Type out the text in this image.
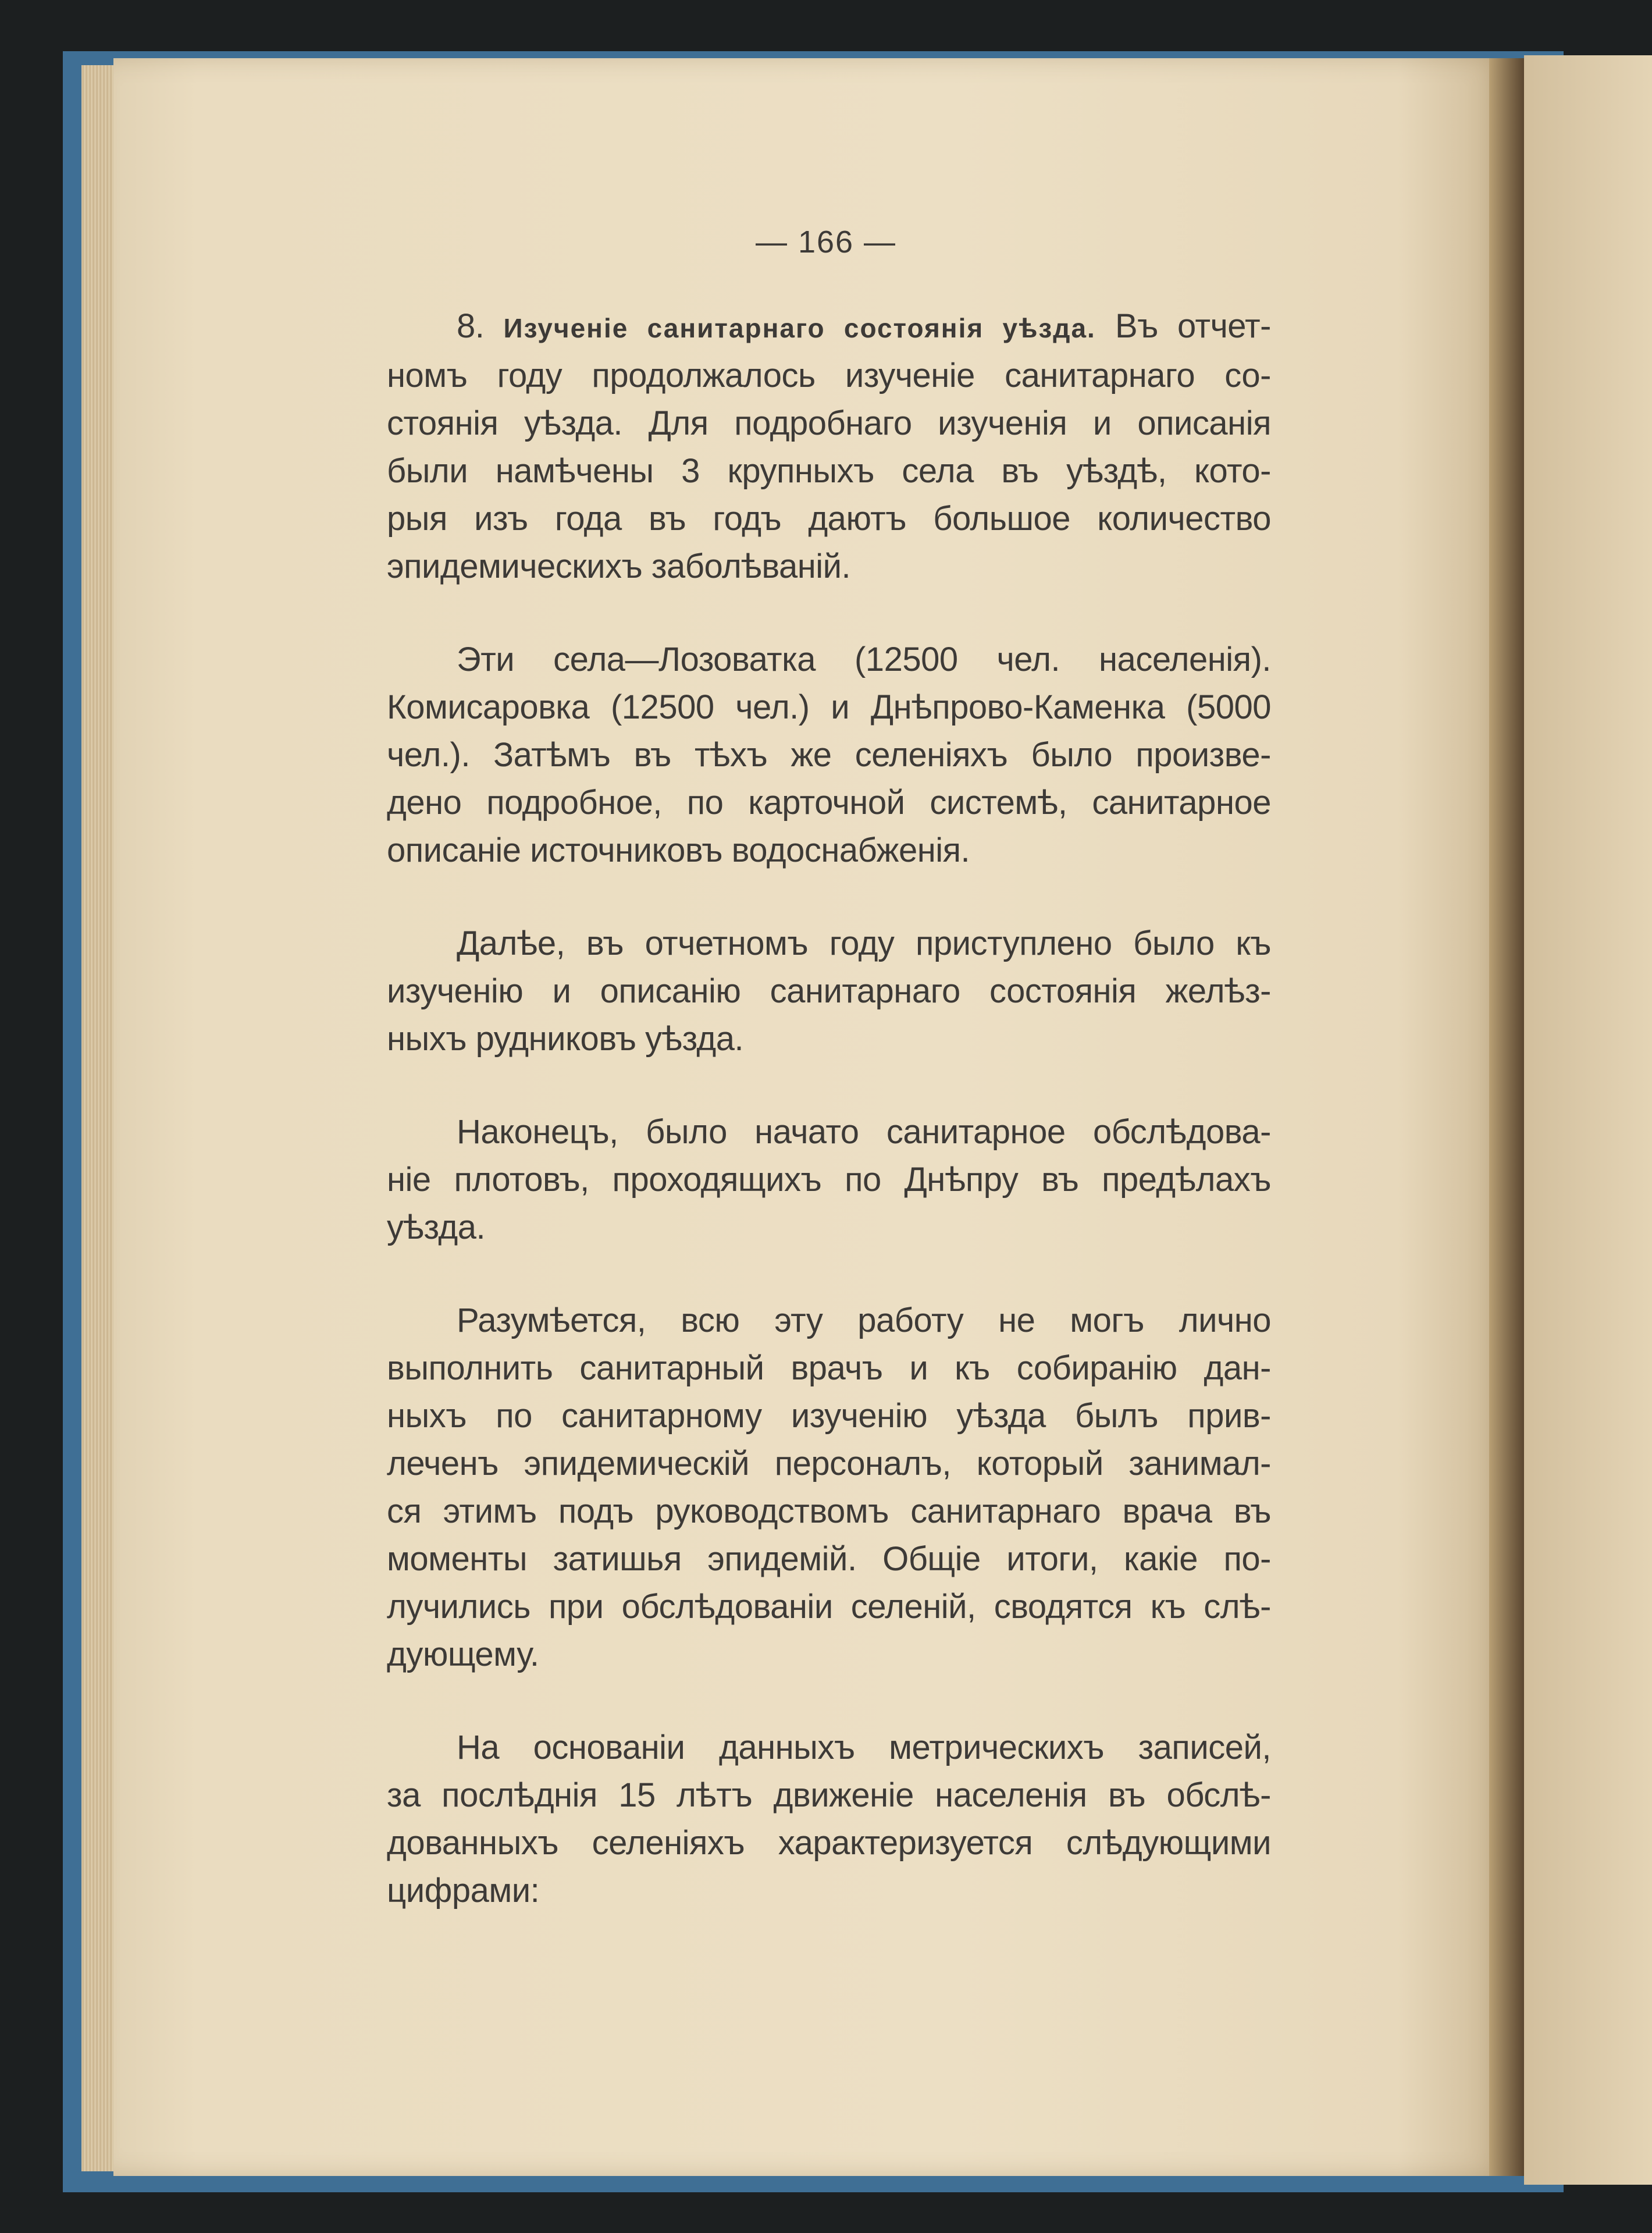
— 166 —
8. Изученіе санитарнаго состоянія уѣзда. Въ отчет-
номъ году продолжалось изученіе санитарнаго со-
стоянія уѣзда. Для подробнаго изученія и описанія
были намѣчены 3 крупныхъ села въ уѣздѣ, кото-
рыя изъ года въ годъ даютъ большое количество
эпидемическихъ заболѣваній.
Эти села—Лозоватка (12500 чел. населенія).
Комисаровка (12500 чел.) и Днѣпрово-Каменка (5000
чел.). Затѣмъ въ тѣхъ же селеніяхъ было произве-
дено подробное, по карточной системѣ, санитарное
описаніе источниковъ водоснабженія.
Далѣе, въ отчетномъ году приступлено было къ
изученію и описанію санитарнаго состоянія желѣз-
ныхъ рудниковъ уѣзда.
Наконецъ, было начато санитарное обслѣдова-
ніе плотовъ, проходящихъ по Днѣпру въ предѣлахъ
уѣзда.
Разумѣется, всю эту работу не могъ лично
выполнить санитарный врачъ и къ собиранію дан-
ныхъ по санитарному изученію уѣзда былъ прив-
леченъ эпидемическій персоналъ, который занимал-
ся этимъ подъ руководствомъ санитарнаго врача въ
моменты затишья эпидемій. Общіе итоги, какіе по-
лучились при обслѣдованіи селеній, сводятся къ слѣ-
дующему.
На основаніи данныхъ метрическихъ записей,
за послѣднія 15 лѣтъ движеніе населенія въ обслѣ-
дованныхъ селеніяхъ характеризуется слѣдующими
цифрами:
